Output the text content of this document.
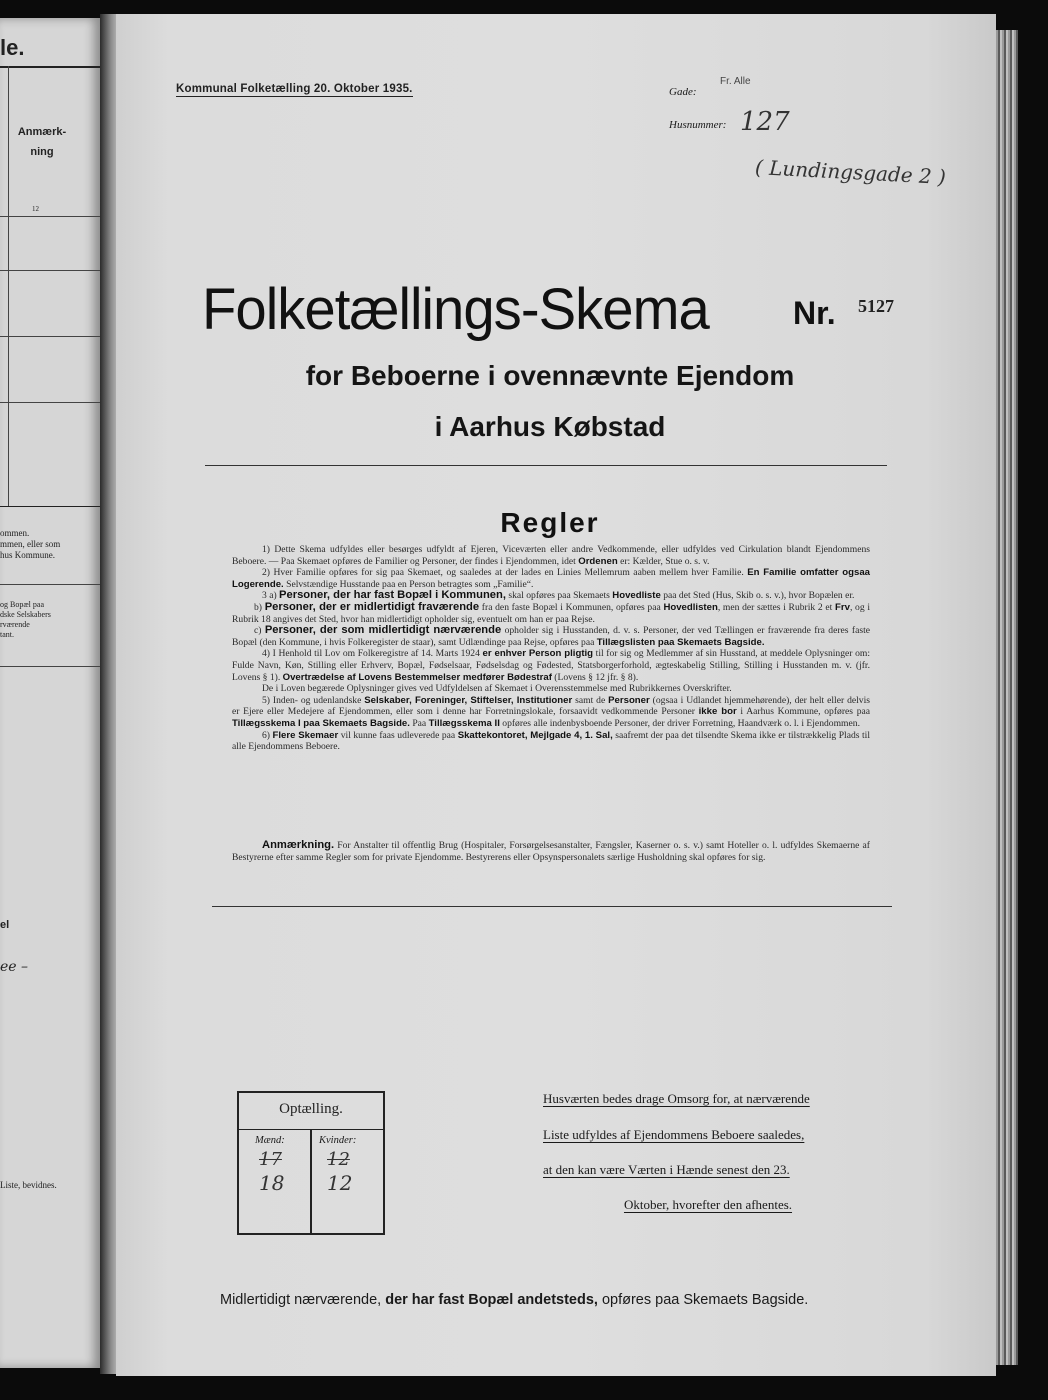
le.
Anmærk-
ning
12
ommen.
mmen, eller som
hus Kommune.
og Bopæl paa
dske Selskabers
rværende
tant.
el
ee –
Liste, bevidnes.
Kommunal Folketælling 20. Oktober 1935.	Gade:
Fr. Alle
Husnummer: 127
( Lundingsgade 2 )
Folketællings-Skema	Nr. 5127
for Beboerne i ovennævnte Ejendom
i Aarhus Købstad
Regler

1) Dette Skema udfyldes eller besørges udfyldt af Ejeren, Viceværten eller andre Vedkommende, eller udfyldes ved Cirkulation blandt Ejendommens Beboere. — Paa Skemaet opføres de Familier og Personer, der findes i Ejendommen, idet Ordenen er: Kælder, Stue o. s. v.

2) Hver Familie opføres for sig paa Skemaet, og saaledes at der lades en Linies Mellemrum aaben mellem hver Familie. En Familie omfatter ogsaa Logerende. Selvstændige Husstande paa en Person betragtes som „Familie“.

3 a) Personer, der har fast Bopæl i Kommunen, skal opføres paa Skemaets Hovedliste paa det Sted (Hus, Skib o. s. v.), hvor Bopælen er.

b) Personer, der er midlertidigt fraværende fra den faste Bopæl i Kommunen, opføres paa Hovedlisten, men der sættes i Rubrik 2 et Frv, og i Rubrik 18 angives det Sted, hvor han midlertidigt opholder sig, eventuelt om han er paa Rejse.

c) Personer, der som midlertidigt nærværende opholder sig i Husstanden, d. v. s. Personer, der ved Tællingen er fraværende fra deres faste Bopæl (den Kommune, i hvis Folkeregister de staar), samt Udlændinge paa Rejse, opføres paa Tillægslisten paa Skemaets Bagside.

4) I Henhold til Lov om Folkeregistre af 14. Marts 1924 er enhver Person pligtig til for sig og Medlemmer af sin Husstand, at meddele Oplysninger om: Fulde Navn, Køn, Stilling eller Erhverv, Bopæl, Fødselsaar, Fødselsdag og Fødested, Statsborgerforhold, ægteskabelig Stilling, Stilling i Husstanden m. v. (jfr. Lovens § 1). Overtrædelse af Lovens Bestemmelser medfører Bødestraf (Lovens § 12 jfr. § 8).

De i Loven begærede Oplysninger gives ved Udfyldelsen af Skemaet i Overensstemmelse med Rubrikkernes Overskrifter.

5) Inden- og udenlandske Selskaber, Foreninger, Stiftelser, Institutioner samt de Personer (ogsaa i Udlandet hjemmehørende), der helt eller delvis er Ejere eller Medejere af Ejendommen, eller som i denne har Forretningslokale, forsaavidt vedkommende Personer ikke bor i Aarhus Kommune, opføres paa Tillægsskema I paa Skemaets Bagside. Paa Tillægsskema II opføres alle indenbysboende Personer, der driver Forretning, Haandværk o. l. i Ejendommen.

6) Flere Skemaer vil kunne faas udleverede paa Skattekontoret, Mejlgade 4, 1. Sal, saafremt der paa det tilsendte Skema ikke er tilstrækkelig Plads til alle Ejendommens Beboere.

Anmærkning. For Anstalter til offentlig Brug (Hospitaler, Forsørgelsesanstalter, Fængsler, Kaserner o. s. v.) samt Hoteller o. l. udfyldes Skemaerne af Bestyrerne efter samme Regler som for private Ejendomme. Bestyrerens eller Opsynspersonalets særlige Husholdning skal opføres for sig.

Optælling.
Mænd:	Kvinder:
17	12
18 12
Husværten bedes drage Omsorg for, at nærværende
Liste udfyldes af Ejendommens Beboere saaledes,
at den kan være Værten i Hænde senest den 23.
Oktober, hvorefter den afhentes.
Midlertidigt nærværende, der har fast Bopæl andetsteds, opføres paa Skemaets Bagside.
